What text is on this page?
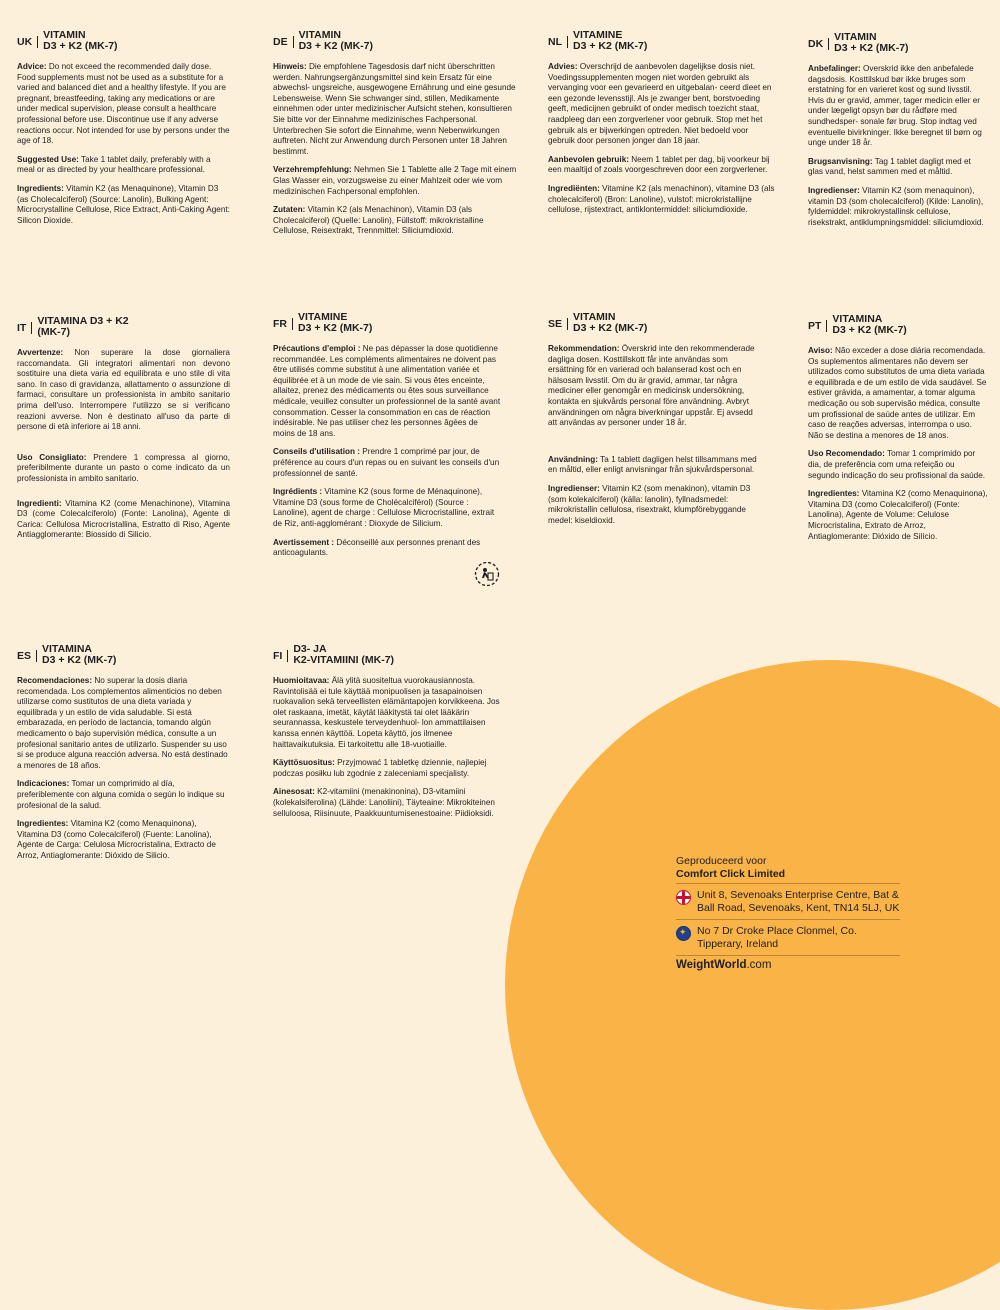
UK
VITAMIN
D3 + K2 (MK-7)

Advice: Do not exceed the recommended daily dose. Food supplements must not be used as a substitute for a varied and balanced diet and a healthy lifestyle. If you are pregnant, breastfeeding, taking any medications or are under medical supervision, please consult a healthcare professional before use. Discontinue use if any adverse reactions occur. Not intended for use by persons under the age of 18.

Suggested Use: Take 1 tablet daily, preferably with a meal or as directed by your healthcare professional.

Ingredients: Vitamin K2 (as Menaquinone), Vitamin D3 (as Cholecalciferol) (Source: Lanolin), Bulking Agent: Microcrystalline Cellulose, Rice Extract, Anti-Caking Agent: Silicon Dioxide.

DE
VITAMIN
D3 + K2 (MK-7)

Hinweis: Die empfohlene Tagesdosis darf nicht überschritten werden. Nahrungsergänzungsmittel sind kein Ersatz für eine abwechsl- ungsreiche, ausgewogene Ernährung und eine gesunde Lebensweise. Wenn Sie schwanger sind, stillen, Medikamente einnehmen oder unter medizinischer Aufsicht stehen, konsultieren Sie bitte vor der Einnahme medizinisches Fachpersonal. Unterbrechen Sie sofort die Einnahme, wenn Nebenwirkungen auftreten. Nicht zur Anwendung durch Personen unter 18 Jahren bestimmt.

Verzehrempfehlung: Nehmen Sie 1 Tablette alle 2 Tage mit einem Glas Wasser ein, vorzugsweise zu einer Mahlzeit oder wie vom medizinischen Fachpersonal empfohlen.

Zutaten: Vitamin K2 (als Menachinon), Vitamin D3 (als Cholecalciferol) (Quelle: Lanolin), Füllstoff: mikrokristalline Cellulose, Reisextrakt, Trennmittel: Siliciumdioxid.

NL
VITAMINE
D3 + K2 (MK-7)

Advies: Overschrijd de aanbevolen dagelijkse dosis niet. Voedingssupplementen mogen niet worden gebruikt als vervanging voor een gevarieerd en uitgebalan- ceerd dieet en een gezonde levensstijl. Als je zwanger bent, borstvoeding geeft, medicijnen gebruikt of onder medisch toezicht staat, raadpleeg dan een zorgverlener voor gebruik. Stop met het gebruik als er bijwerkingen optreden. Niet bedoeld voor gebruik door personen jonger dan 18 jaar.

Aanbevolen gebruik: Neem 1 tablet per dag, bij voorkeur bij een maaltijd of zoals voorgeschreven door een zorgverlener.

Ingrediënten: Vitamine K2 (als menachinon), vitamine D3 (als cholecalciferol) (Bron: Lanoline), vulstof: microkristallijne cellulose, rijstextract, antiklontermiddel: siliciumdioxide.

DK
VITAMIN
D3 + K2 (MK-7)

Anbefalinger: Overskrid ikke den anbefalede dagsdosis. Kosttilskud bør ikke bruges som erstatning for en varieret kost og sund livsstil. Hvis du er gravid, ammer, tager medicin eller er under lægeligt opsyn bør du rådføre med sundhedsper- sonale før brug. Stop indtag ved eventuelle bivirkninger. Ikke beregnet til børn og unge under 18 år.

Brugsanvisning: Tag 1 tablet dagligt med et glas vand, helst sammen med et måltid.

Ingredienser: Vitamin K2 (som menaquinon), vitamin D3 (som cholecalciferol) (Kilde: Lanolin), fyldemiddel: mikrokrystallinsk cellulose, risekstrakt, antiklumpningsmiddel: siliciumdioxid.

IT
VITAMINA D3 + K2
(MK-7)

Avvertenze: Non superare la dose giornaliera raccomandata. Gli integratori alimentari non devono sostituire una dieta varia ed equilibrata e uno stile di vita sano. In caso di gravidanza, allattamento o assunzione di farmaci, consultare un professionista in ambito sanitario prima dell'uso. Interrompere l'utilizzo se si verificano reazioni avverse. Non è destinato all'uso da parte di persone di età inferiore ai 18 anni.

Uso Consigliato: Prendere 1 compressa al giorno, preferibilmente durante un pasto o come indicato da un professionista in ambito sanitario.

Ingredienti: Vitamina K2 (come Menachinone), Vitamina D3 (come Colecalciferolo) (Fonte: Lanolina), Agente di Carica: Cellulosa Microcristallina, Estratto di Riso, Agente Antiagglomerante: Biossido di Silicio.

FR
VITAMINE
D3 + K2 (MK-7)

Précautions d'emploi : Ne pas dépasser la dose quotidienne recommandée. Les compléments alimentaires ne doivent pas être utilisés comme substitut à une alimentation variée et équilibrée et à un mode de vie sain. Si vous êtes enceinte, allaitez, prenez des médicaments ou êtes sous surveillance médicale, veuillez consulter un professionnel de la santé avant consommation. Cesser la consommation en cas de réaction indésirable. Ne pas utiliser chez les personnes âgées de moins de 18 ans.

Conseils d'utilisation : Prendre 1 comprimé par jour, de préférence au cours d'un repas ou en suivant les conseils d'un professionnel de santé.

Ingrédients : Vitamine K2 (sous forme de Ménaquinone), Vitamine D3 (sous forme de Cholécalciférol) (Source : Lanoline), agent de charge : Cellulose Microcristalline, extrait de Riz, anti-agglomérant : Dioxyde de Silicium.

Avertissement : Déconseillé aux personnes prenant des anticoagulants.

SE
VITAMIN
D3 + K2 (MK-7)

Rekommendation: Överskrid inte den rekommenderade dagliga dosen. Kosttillskott får inte användas som ersättning för en varierad och balanserad kost och en hälsosam livsstil. Om du är gravid, ammar, tar några mediciner eller genomgår en medicinsk undersökning, kontakta en sjukvårds personal före användning. Avbryt användningen om några biverkningar uppstår. Ej avsedd att användas av personer under 18 år.

Användning: Ta 1 tablett dagligen helst tillsammans med en måltid, eller enligt anvisningar från sjukvårdspersonal.

Ingredienser: Vitamin K2 (som menakinon), vitamin D3 (som kolekalciferol) (källa: lanolin), fyllnadsmedel: mikrokristallin cellulosa, risextrakt, klumpförebyggande medel: kiseldioxid.

PT
VITAMINA
D3 + K2 (MK-7)

Aviso: Não exceder a dose diária recomendada. Os suplementos alimentares não devem ser utilizados como substitutos de uma dieta variada e equilibrada e de um estilo de vida saudável. Se estiver grávida, a amamentar, a tomar alguma medicação ou sob supervisão médica, consulte um profissional de saúde antes de utilizar. Em caso de reações adversas, interrompa o uso. Não se destina a menores de 18 anos.

Uso Recomendado: Tomar 1 comprimido por dia, de preferência com uma refeição ou segundo indicação do seu profissional da saúde.

Ingredientes: Vitamina K2 (como Menaquinona), Vitamina D3 (como Colecalciferol) (Fonte: Lanolina), Agente de Volume: Celulose Microcristalina, Extrato de Arroz, Antiaglomerante: Dióxido de Silício.

ES
VITAMINA
D3 + K2 (MK-7)

Recomendaciones: No superar la dosis diaria recomendada. Los complementos alimenticios no deben utilizarse como sustitutos de una dieta variada y equilibrada y un estilo de vida saludable. Si está embarazada, en período de lactancia, tomando algún medicamento o bajo supervisión médica, consulte a un profesional sanitario antes de utilizarlo. Suspender su uso si se produce alguna reacción adversa. No está destinado a menores de 18 años.

Indicaciones: Tomar un comprimido al día, preferiblemente con alguna comida o según lo indique su profesional de la salud.

Ingredientes: Vitamina K2 (como Menaquinona), Vitamina D3 (como Colecalciferol) (Fuente: Lanolina), Agente de Carga: Celulosa Microcristalina, Extracto de Arroz, Antiaglomerante: Dióxido de Silicio.

FI
D3- JA
K2-VITAMIINI (MK-7)

Huomioitavaa: Älä ylitä suositeltua vuorokausiannosta. Ravintolisää ei tule käyttää monipuolisen ja tasapainoisen ruokavalion sekä terveellisten elämäntapojen korvikkeena. Jos olet raskaana, imetät, käytät lääkitystä tai olet lääkärin seurannassa, keskustele terveydenhuol- lon ammattilaisen kanssa ennen käyttöä. Lopeta käyttö, jos ilmenee haittavaikutuksia. Ei tarkoitettu alle 18-vuotiaille.

Käyttösuositus: Przyjmować 1 tabletkę dziennie, najlepiej podczas posiłku lub zgodnie z zaleceniami specjalisty.

Ainesosat: K2-vitamiini (menakinonina), D3-vitamiini (kolekalsiferolina) (Lähde: Lanoliini), Täyteaine: Mikrokiteinen selluloosa, Riisinuute, Paakkuuntumisenestoaine: Piidioksidi.

Geproduceerd voor
Comfort Click Limited
Unit 8, Sevenoaks Enterprise Centre, Bat & Ball Road, Sevenoaks, Kent, TN14 5LJ, UK
✦
No 7 Dr Croke Place Clonmel, Co. Tipperary, Ireland
WeightWorld.com
